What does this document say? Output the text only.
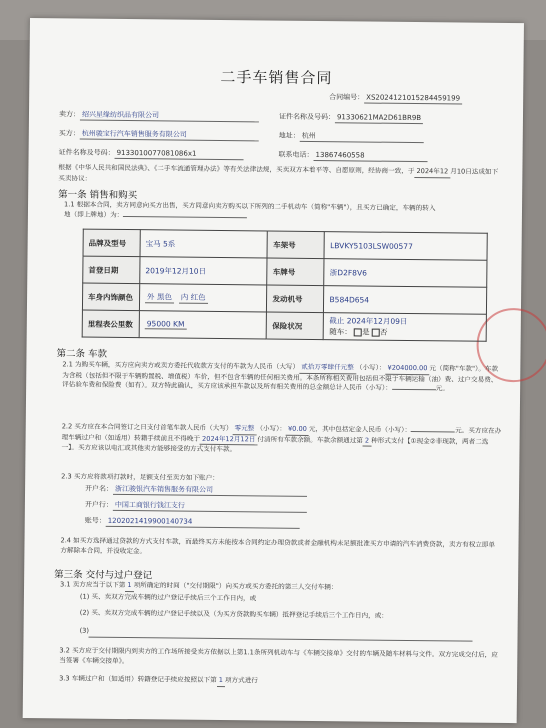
二手车销售合同
合同编号： XS20241210152844​59199
卖方： 绍兴星缘纺织品有限公司	证件名称及号码： 91330621MA2D61BR9B
买方： 杭州骏宝行汽车销售服务有限公司	地址： 杭州
证件名称及号码： 913301007708​1086x1	联系电话： 13867460558
根据《中华人民共和国民法典》、《二手车流通管理办法》等有关法律法规，买卖双方本着平等、自愿原则，经协商一致，于 2024年12 月10日达成如下买卖协议：
第一条 销售和购买
1.1 根据本合同，卖方同意向买方出售，买方同意向卖方购买以下所列的二手机动车（简称"车辆"），且买方已确定，车辆的转入
地（即上牌地）为：
品牌及型号	宝马 5系	车架号	LBVKY5103LSW00577
首登日期	2019年12月10日	车牌号	浙D2F8V6
车身内饰颜色	外 黑色 内 红色	发动机号	B584D654
里程表公里数	95000 KM	保险状况	截止 2024年12月09日
随车： 是 否
第二条 车款
2.1 为购买车辆，买方应向卖方或卖方委托代收款方支付的车款为人民币（大写） 贰拾万零肆仟元整 （小写）： ¥204000.00 元（简称"车款"）。车款为含税（包括但不限于车辆购置税、增值税）车价，但不包含车辆的任何相关费用。本条所称相关费用包括但不限于车辆运输（油）费、过户交易费、评估验车费和保险费（如有）。双方特此确认，买方应该承担车款以及所有相关费用的总金额总计人民币（小写）：	元。
2.2 买方应在本合同签订之日支付首笔车款人民币（大写） 零元整 （小写）： ¥0.00 元，其中包括定金人民币（小写）：	元。买方应在办理车辆过户和（如适用）转籍手续前且不得晚于 2024年12月12日 付清所有车款余额。车款余额通过第 2 种形式支付【①现金②非现款，两者二选一】。买方应该以电汇或其他卖方能够接受的方式支付车款。
2.3 买方应将款项打款时，足额支付至卖方如下账户：
开户名： 浙江骏银汽车销售服务有限公司
开户行： 中国工商银行钱江支行
账号： 1202021419900140734
2.4 如买方选择通过贷款的方式支付车款，而最终买方未能按本合同约定办理贷款或者金融机构未足额批准买方申请的汽车消费贷款，卖方有权立即单方解除本合同，并没收定金。
第三条 交付与过户登记
3.1 卖方应当于以下第 1 项所确定的时间（"交付期限"）向买方或买方委托的第三人交付车辆：
(1) 买、卖双方完成车辆的过户登记手续后三个工作日内，或
(2) 买、卖双方完成车辆的过户登记手续以及（为买方贷款购买车辆）抵押登记手续后三个工作日内，或：
(3)
3.2 买方应于交付期限内到卖方的工作场所接受卖方依据以上第1.1条所列机动车与《车辆交接单》交付的车辆及随车材料与文件。双方完成交付后，应当签署《车辆交接单》。
3.3 车辆过户和（如适用）转籍登记手续应按照以下第 1 项方式进行
